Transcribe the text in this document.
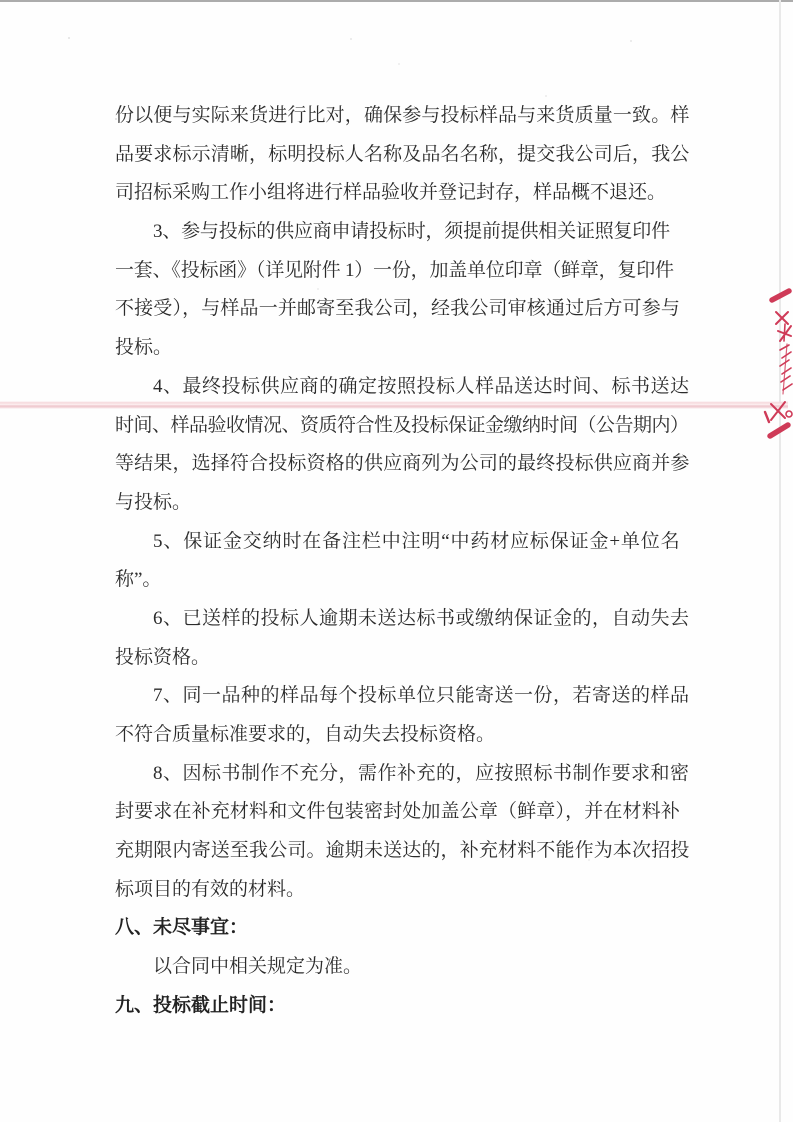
份以便与实际来货进行比对，确保参与投标样品与来货质量一致。样
品要求标示清晰，标明投标人名称及品名名称，提交我公司后，我公
司招标采购工作小组将进行样品验收并登记封存，样品概不退还。
3、参与投标的供应商申请投标时，须提前提供相关证照复印件
一套、《投标函》（详见附件 1）一份，加盖单位印章（鲜章，复印件
不接受），与样品一并邮寄至我公司，经我公司审核通过后方可参与
投标。
4、最终投标供应商的确定按照投标人样品送达时间、标书送达
时间、样品验收情况、资质符合性及投标保证金缴纳时间（公告期内）
等结果，选择符合投标资格的供应商列为公司的最终投标供应商并参
与投标。
5、保证金交纳时在备注栏中注明“中药材应标保证金+单位名
称”。
6、已送样的投标人逾期未送达标书或缴纳保证金的，自动失去
投标资格。
7、同一品种的样品每个投标单位只能寄送一份，若寄送的样品
不符合质量标准要求的，自动失去投标资格。
8、因标书制作不充分，需作补充的，应按照标书制作要求和密
封要求在补充材料和文件包装密封处加盖公章（鲜章），并在材料补
充期限内寄送至我公司。逾期未送达的，补充材料不能作为本次招投
标项目的有效的材料。
八、未尽事宜：
以合同中相关规定为准。
九、投标截止时间：
